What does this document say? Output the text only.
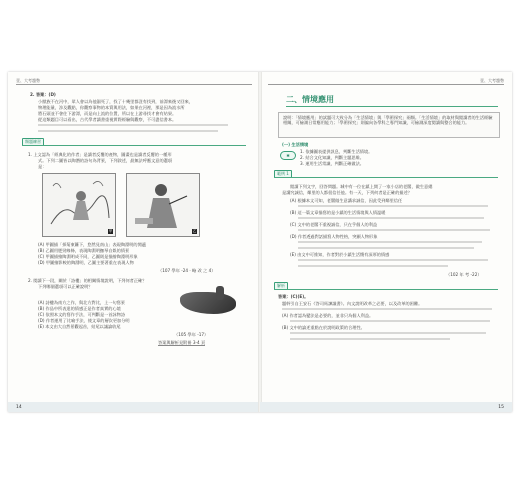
壹、大考趨勢
2. 答案：(D)
小獸族不在河中，眾人會以為他溺死了，找了十幾里都沒有找到，前漂來後又回來，
物理能量，涉及觀點，你觀察事物的本質與用法，如果在河裡，那是因為流水所
將石頭並不會往下游漂，而是向上流的位置，所以在上游尋找才會有結果。
從這類題目可以看出，古代學者讀書重視實際經驗與觀察，不可盡信書本。
類題練習
1. 上文認為「經典化的作者」是讀者反覆的產物，圖畫也是讀者反覆的一種形
式。下列二圖皆以陶潛的詩句為背景，下列敘述，最無法呼應文意的選項
是：
甲	乙
(A) 甲圖描「採菊東籬下，悠然見南山」表現陶淵明的閒適
(B) 乙圖用肥勁線條，表現陶淵明撫琴自娛的情景
(C) 甲圖描繪陶淵明成不同，乙圖則是描繪陶淵明形象
(D) 甲圖繪影較的陶淵明，乙圖主要著重在表現人物
（107 學年 -24 · 略 改 之 4）
2. 閱讀下一段，關於「詩樓」的相關情境說明，下列何者正確？
下列哪個選項可以正確說明？
(A) 詩樓為南方之作，與北方對比，上一句寫景
(B) 作品中所表達的情感正是作者真實的心境
(C) 依照本文的寫作手法，可判斷是一首詠物詩
(D) 作者運用了比喻手法，使文章的層次更加分明
(E) 本文由大自然景觀起首，結尾以議論收尾
（105 學年 -17）
答案與解析見附冊 3-4 頁
14
壹、大考趨勢
二、情境應用
說明：「情境應用」的試題可大致分為「生活情境」與「學術探究」兩類。「生活情境」的取材與閱讀者的生活經驗相關，可檢測日常應用能力；「學術探究」則偏向各學科之專門知識，可檢測深度閱讀與整合的能力。
(一) 生活情境
✱
1. 依據圖表提供訊息，判斷生活情境。
2. 結合文化知識，判斷主題思維。
3. 運用生活常識，判斷正確做法。
範例 1
閱讀下列文字，回答問題。城中有一位在鎮上開了一家小店的老闆，做生意總
是講究誠信，鄰里的人都很信任他。有一天，下列何者是正確的描述？
(A) 根據本文可知，老闆做生意講求誠信，因此受到鄰里信任
(B) 這一篇文章描寫的是小鎮的生活情境與人情溫暖
(C) 文中的老闆不重視誠信，只在乎個人的利益
(D) 作者透過對話描寫人物性格，突顯人物形象
(E) 由文中可推知，作者對於小鎮生活懷有深厚的情感
（102 年 考 -22）
解析
答案：(C)(E)。
題幹引自王安石《答司馬諫議書》。內文說明改革之必要，以及改革的困難。
(A) 作者認為變法是必要的，並非只為個人利益。
(B) 文中的論述重點在於說明政策的合理性。
15
